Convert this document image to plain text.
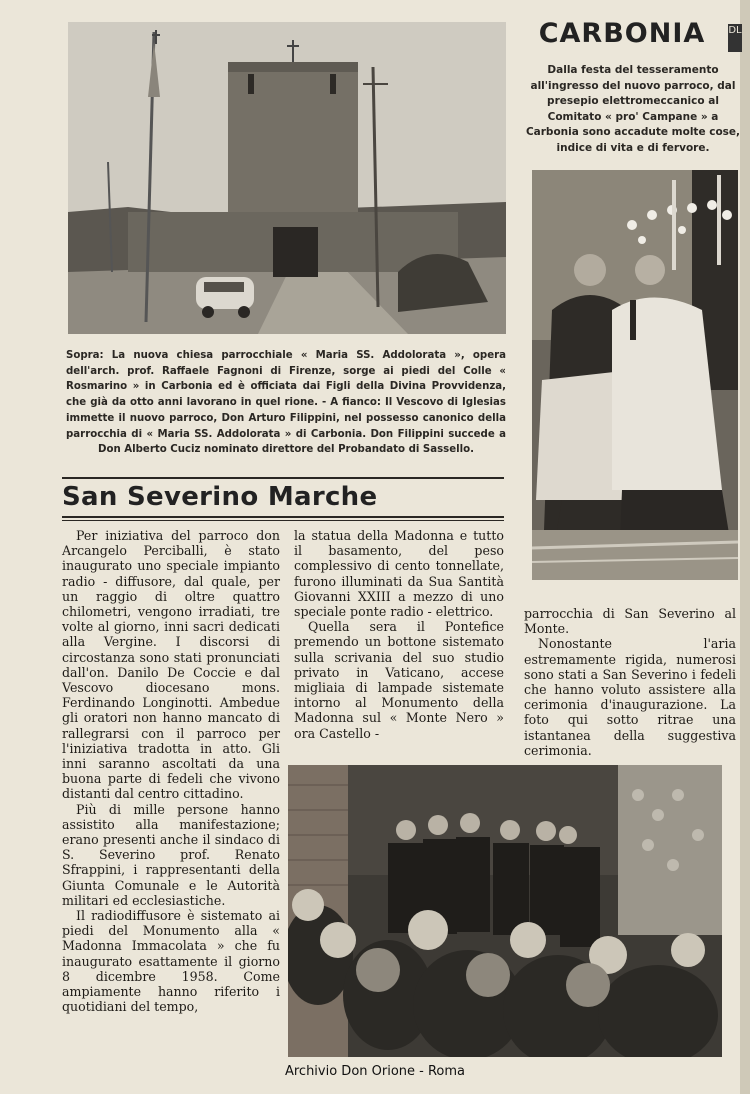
CARBONIA	DL
Dalla festa del tesseramento all'ingresso del nuovo parroco, dal presepio elettromeccanico al Comitato « pro' Campane » a Carbonia sono accadute molte cose, indice di vita e di fervore.
Sopra: La nuova chiesa parrocchiale « Maria SS. Addolorata », opera dell'arch. prof. Raffaele Fagnoni di Firenze, sorge ai piedi del Colle « Rosmarino » in Carbonia ed è officiata dai Figli della Divina Provvidenza, che già da otto anni lavorano in quel rione. - A fianco: Il Vescovo di Iglesias immette il nuovo parroco, Don Arturo Filippini, nel possesso canonico della parrocchia di « Maria SS. Addolorata » di Carbonia. Don Filippini succede a Don Alberto Cuciz nominato direttore del Probandato di Sassello.
San Severino Marche

Per iniziativa del parroco don Arcangelo Perciballi, è stato inaugurato uno speciale impianto radio - diffusore, dal quale, per un raggio di oltre quattro chilometri, vengono irradiati, tre volte al giorno, inni sacri dedicati alla Vergine. I discorsi di circostanza sono stati pronunciati dall'on. Danilo De Coccie e dal Vescovo diocesano mons. Ferdinando Longinotti. Ambedue gli oratori non hanno mancato di rallegrarsi con il parroco per l'iniziativa tradotta in atto. Gli inni saranno ascoltati da una buona parte di fedeli che vivono distanti dal centro cittadino.

Più di mille persone hanno assistito alla manifestazione; erano presenti anche il sindaco di S. Severino prof. Renato Sfrappini, i rappresentanti della Giunta Comunale e le Autorità militari ed ecclesiastiche.

Il radiodiffusore è sistemato ai piedi del Monumento alla « Madonna Immacolata » che fu inaugurato esattamente il giorno 8 dicembre 1958. Come ampiamente hanno riferito i quotidiani del tempo,

la statua della Madonna e tutto il basamento, del peso complessivo di cento tonnellate, furono illuminati da Sua Santità Giovanni XXIII a mezzo di uno speciale ponte radio - elettrico.

Quella sera il Pontefice premendo un bottone sistemato sulla scrivania del suo studio privato in Vaticano, accese migliaia di lampade sistemate intorno al Monumento della Madonna sul « Monte Nero » ora Castello -

parrocchia di San Severino al Monte.

Nonostante l'aria estremamente rigida, numerosi sono stati a San Severino i fedeli che hanno voluto assistere alla cerimonia d'inaugurazione. La foto qui sotto ritrae una istantanea della suggestiva cerimonia.

Archivio Don Orione - Roma
